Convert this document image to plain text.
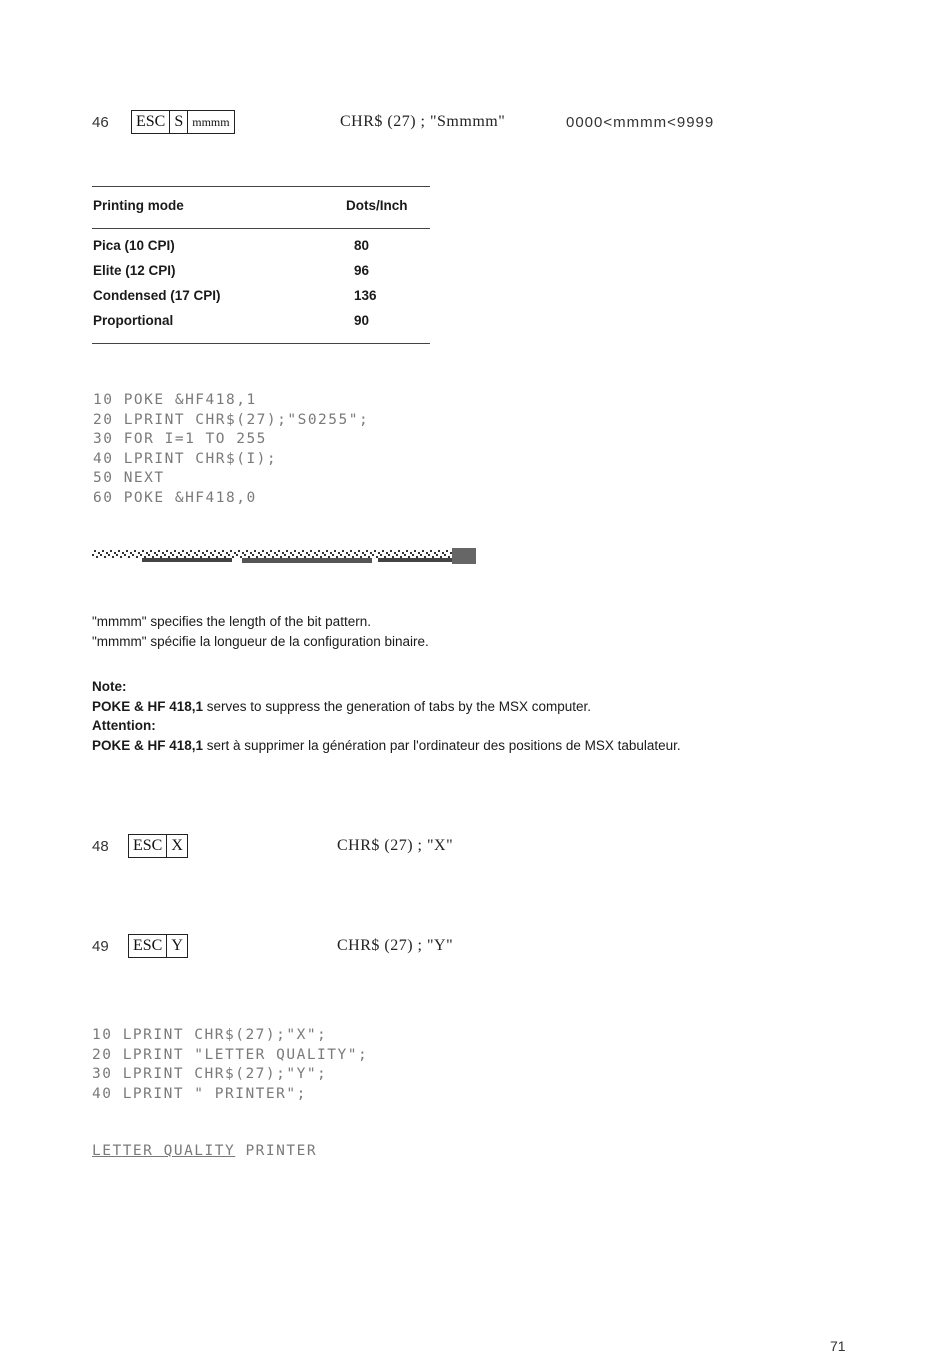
46 ESC S mmmm	CHR$ (27) ; "Smmmm"	0000<mmmm<9999
Printing mode	Dots/Inch
Pica (10 CPI)	80
Elite (12 CPI)	96
Condensed (17 CPI)	136
Proportional	90
10 POKE &HF418,1
20 LPRINT CHR$(27);"S0255";
30 FOR I=1 TO 255
40 LPRINT CHR$(I);
50 NEXT
60 POKE &HF418,0
"mmmm" specifies the length of the bit pattern.
"mmmm" spécifie la longueur de la configuration binaire.
Note:
POKE & HF 418,1 serves to suppress the generation of tabs by the MSX computer.
Attention:
POKE & HF 418,1 sert à supprimer la génération par l'ordinateur des positions de MSX tabulateur.
48 ESC X	CHR$ (27) ; "X"
49 ESC Y	CHR$ (27) ; "Y"
10 LPRINT CHR$(27);"X";
20 LPRINT "LETTER QUALITY";
30 LPRINT CHR$(27);"Y";
40 LPRINT " PRINTER";
LETTER QUALITY PRINTER
71
